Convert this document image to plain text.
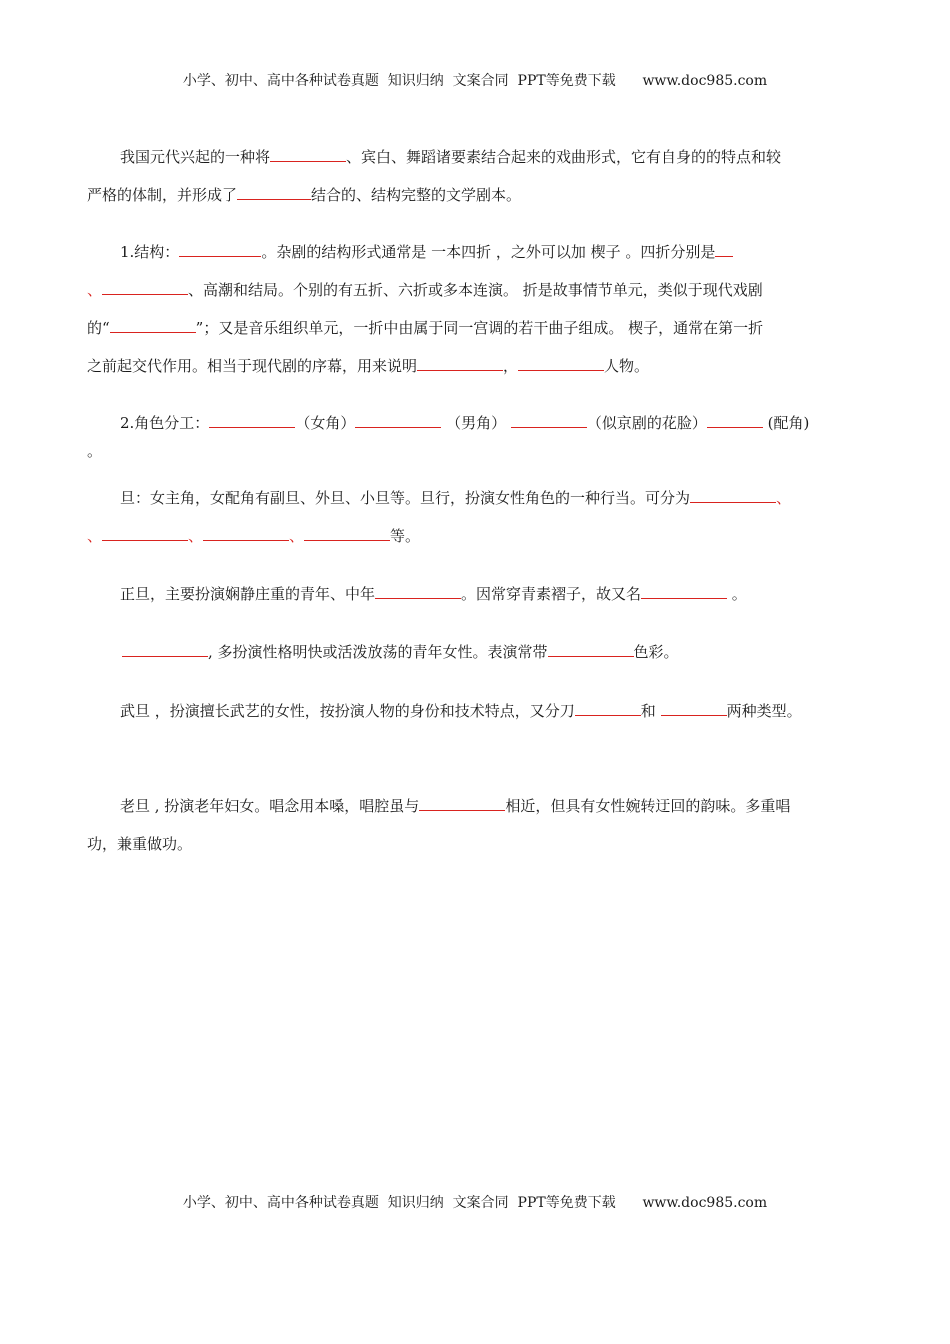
小学、初中、高中各种试卷真题  知识归纳  文案合同  PPT等免费下载      www.doc985.com
我国元代兴起的一种将	、宾白、舞蹈诸要素结合起来的戏曲形式，它有自身的的特点和较
严格的体制，并形成了	结合的、结构完整的文学剧本。
1.结构：	。杂剧的结构形式通常是 一本四折 ，之外可以加 楔子 。四折分别是
、	、高潮和结局。个别的有五折、六折或多本连演。 折是故事情节单元，类似于现代戏剧
的“	”；又是音乐组织单元，一折中由属于同一宫调的若干曲子组成。 楔子，通常在第一折
之前起交代作用。相当于现代剧的序幕，用来说明	，	人物。
2.角色分工：	（女角）	（男角）	（似京剧的花脸）	(配角)
。
旦：女主角，女配角有副旦、外旦、小旦等。旦行，扮演女性角色的一种行当。可分为	、
、	、	、	等。
正旦，主要扮演娴静庄重的青年、中年	。因常穿青素褶子，故又名	。
, 多扮演性格明快或活泼放荡的青年女性。表演常带	色彩。
武旦 ，扮演擅长武艺的女性，按扮演人物的身份和技术特点，又分刀	和	两种类型。
老旦 , 扮演老年妇女。唱念用本嗓，唱腔虽与	相近，但具有女性婉转迂回的韵味。多重唱
功，兼重做功。
小学、初中、高中各种试卷真题  知识归纳  文案合同  PPT等免费下载      www.doc985.com
